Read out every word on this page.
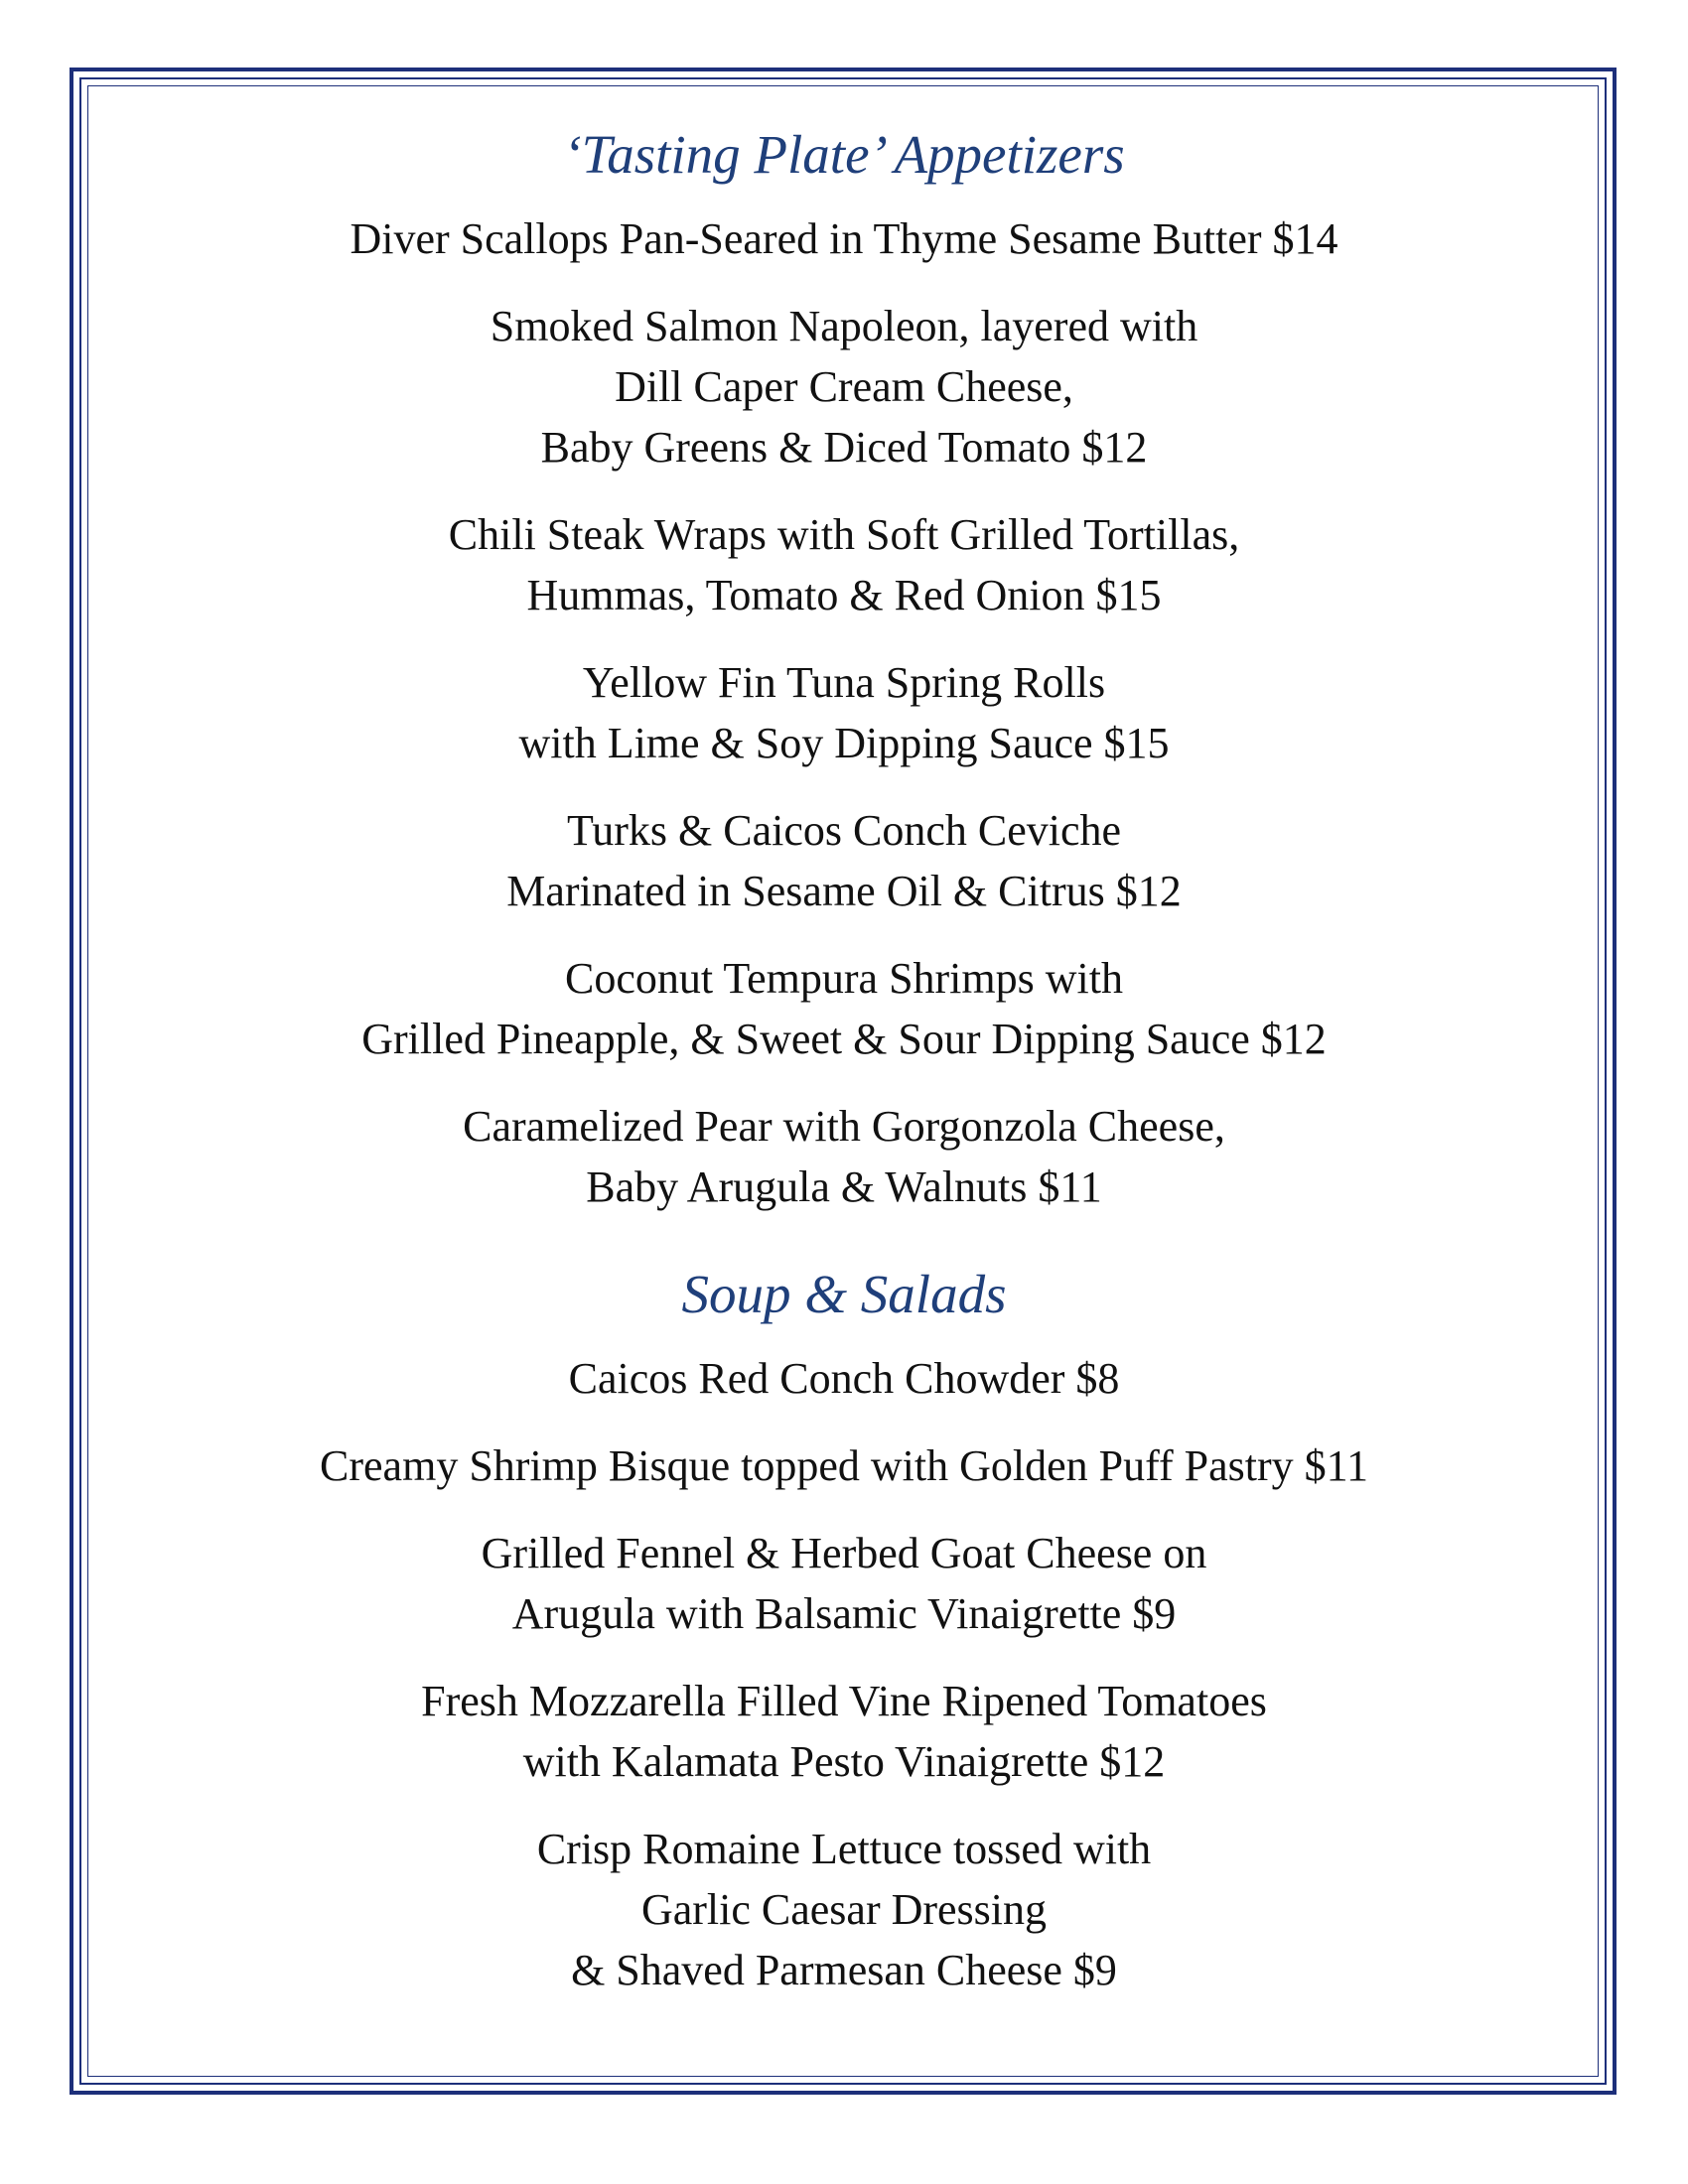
‘Tasting Plate’ Appetizers
Diver Scallops Pan-Seared in Thyme Sesame Butter $14
Smoked Salmon Napoleon, layered with
Dill Caper Cream Cheese,
Baby Greens & Diced Tomato $12
Chili Steak Wraps with Soft Grilled Tortillas,
Hummas, Tomato & Red Onion $15
Yellow Fin Tuna Spring Rolls
with Lime & Soy Dipping Sauce $15
Turks & Caicos Conch Ceviche
Marinated in Sesame Oil & Citrus $12
Coconut Tempura Shrimps with
Grilled Pineapple, & Sweet & Sour Dipping Sauce $12
Caramelized Pear with Gorgonzola Cheese,
Baby Arugula & Walnuts $11
Soup & Salads
Caicos Red Conch Chowder $8
Creamy Shrimp Bisque topped with Golden Puff Pastry $11
Grilled Fennel & Herbed Goat Cheese on
Arugula with Balsamic Vinaigrette $9
Fresh Mozzarella Filled Vine Ripened Tomatoes
with Kalamata Pesto Vinaigrette $12
Crisp Romaine Lettuce tossed with
Garlic Caesar Dressing
& Shaved Parmesan Cheese $9
